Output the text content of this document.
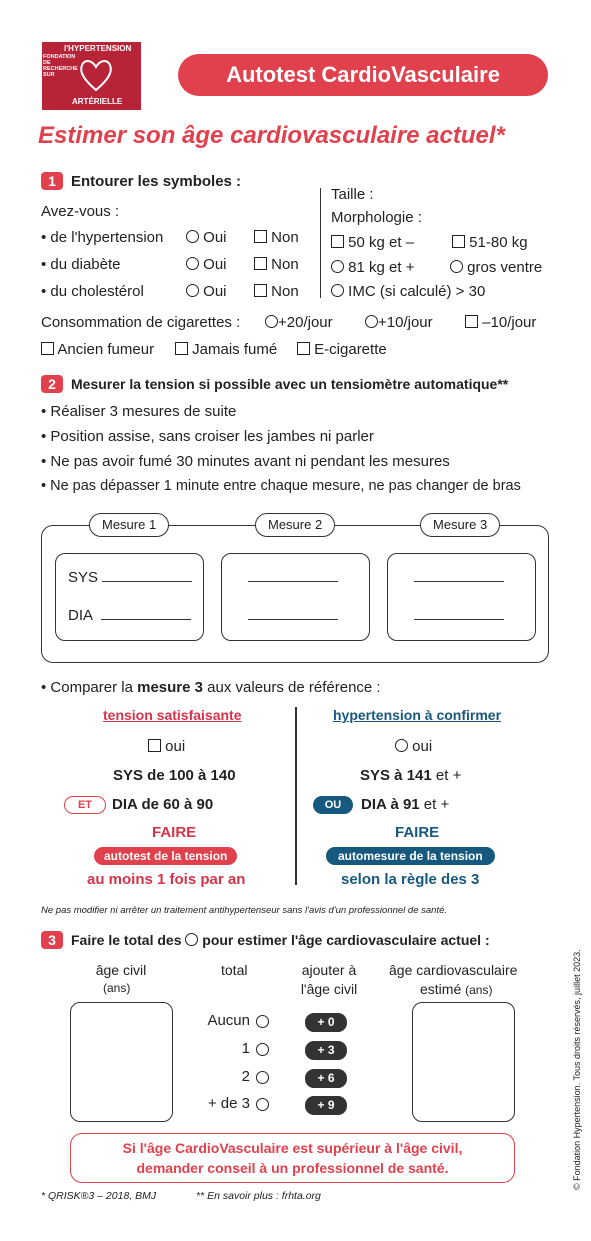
l'HYPERTENSION
FONDATION DE RECHERCHE SUR
ARTÉRIELLE
Autotest CardioVasculaire
Estimer son âge cardiovasculaire actuel*
1 Entourer les symboles :
Avez-vous :
• de l'hypertension	Oui	Non
• du diabète	Oui	Non
• du cholestérol	Oui	Non
Taille :
Morphologie :
50 kg et –	51-80 kg
81 kg et +	gros ventre
IMC (si calculé) > 30
Consommation de cigarettes :	+20/jour	+10/jour	–10/jour
Ancien fumeur	Jamais fumé	E-cigarette
2 Mesurer la tension si possible avec un tensiomètre automatique**
• Réaliser 3 mesures de suite
• Position assise, sans croiser les jambes ni parler
• Ne pas avoir fumé 30 minutes avant ni pendant les mesures
• Ne pas dépasser 1 minute entre chaque mesure, ne pas changer de bras
Mesure 1	Mesure 2	Mesure 3
SYS
DIA
• Comparer la mesure 3 aux valeurs de référence :
tension satisfaisante
oui
SYS de 100 à 140
ET	DIA de 60 à 90
FAIRE
autotest de la tension
au moins 1 fois par an
hypertension à confirmer
oui
SYS à 141 et +
OU	DIA à 91 et +
FAIRE
automesure de la tension
selon la règle des 3
Ne pas modifier ni arrêter un traitement antihypertenseur sans l'avis d'un professionnel de santé.
3 Faire le total des pour estimer l'âge cardiovasculaire actuel :
âge civil
(ans)
total	ajouter à
l'âge civil
âge cardiovasculaire
estimé (ans)
Aucun	+ 0
1	+ 3
2	+ 6
+ de 3	+ 9
Si l'âge CardioVasculaire est supérieur à l'âge civil,
demander conseil à un professionnel de santé.
* QRISK®3 – 2018, BMJ	** En savoir plus : frhta.org
© Fondation Hypertension. Tous droits réservés, juillet 2023.
